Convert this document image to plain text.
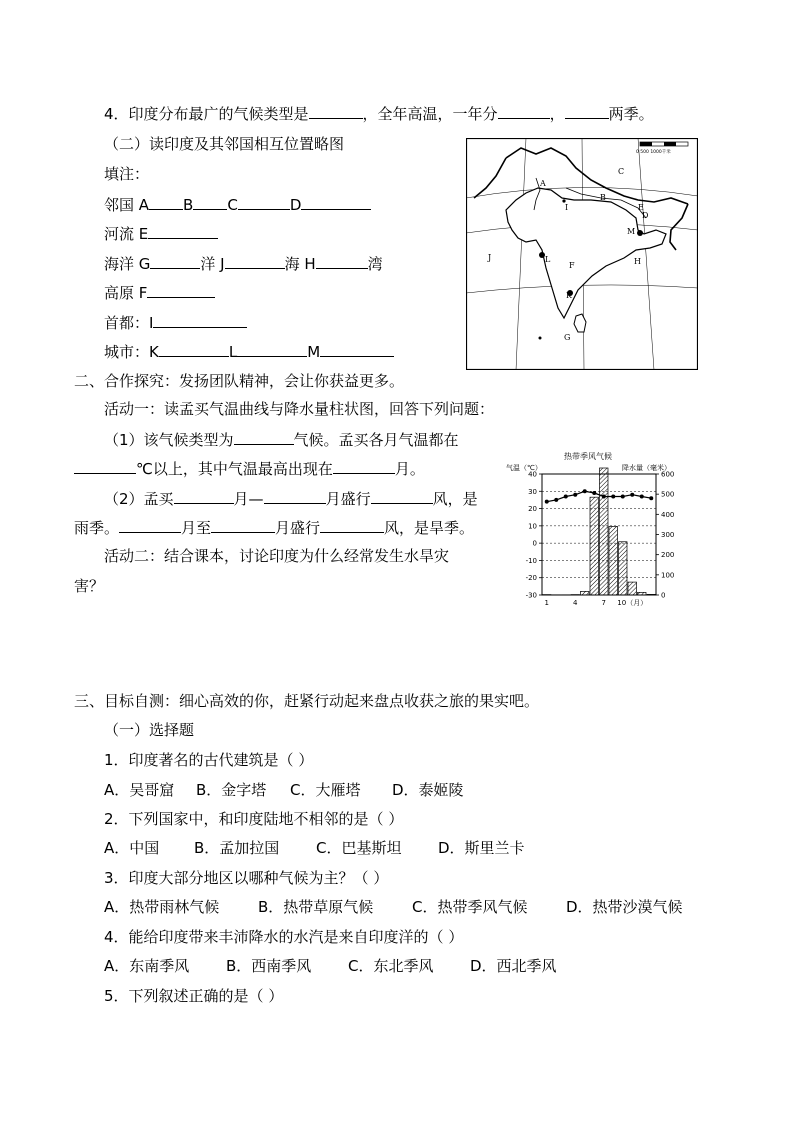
4．印度分布最广的气候类型是	，全年高温，一年分	，	两季。
（二）读印度及其邻国相互位置略图
填注：
邻国 A B C	D
河流 E
海洋 G	洋 J	海 H	湾
高原 F
首都：I
城市：K	L	M
0 500 1000千米
A
B
C
D
E
F
G
H
I
J
K
L
M
二、合作探究：发扬团队精神，会让你获益更多。
活动一：读孟买气温曲线与降水量柱状图，回答下列问题：
（1）该气候类型为	气候。孟买各月气温都在
℃以上，其中气温最高出现在	月。
（2）孟买	月—	月盛行	风，是
雨季。	月至	月盛行	风，是旱季。
活动二：结合课本，讨论印度为什么经常发生水旱灾
害？
热带季风气候
气温（℃）	降水量（毫米）
40
30
20
10
0
-10
-20
-30
600
500
400
300
200
100
0
1	4	7 10（月）
三、目标自测：细心高效的你，赶紧行动起来盘点收获之旅的果实吧。
（一）选择题
1．印度著名的古代建筑是（ ）
A．吴哥窟 B．金字塔 C．大雁塔 D．泰姬陵
2．下列国家中，和印度陆地不相邻的是（ ）
A．中国 B．孟加拉国 C．巴基斯坦 D．斯里兰卡
3．印度大部分地区以哪种气候为主？（ ）
A．热带雨林气候	B．热带草原气候	C．热带季风气候	D．热带沙漠气候
4．能给印度带来丰沛降水的水汽是来自印度洋的（ ）
A．东南季风 B．西南季风 C．东北季风 D．西北季风
5．下列叙述正确的是（ ）
